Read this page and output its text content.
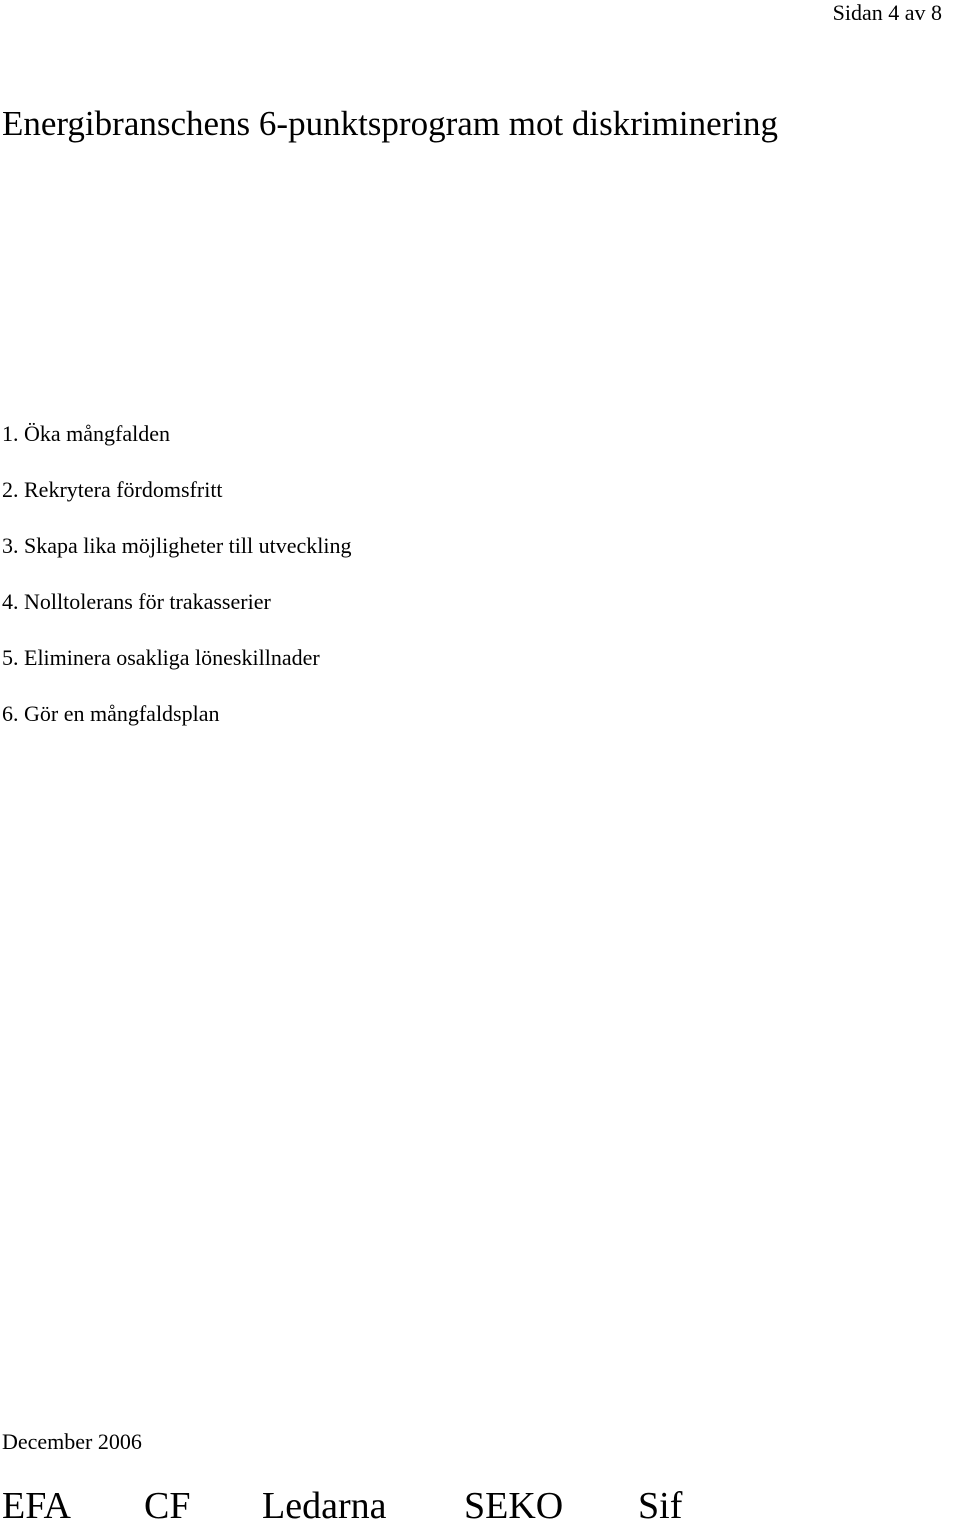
Sidan 4 av 8
Energibranschens 6-punktsprogram mot diskriminering
1. Öka mångfalden
2. Rekrytera fördomsfritt
3. Skapa lika möjligheter till utveckling
4. Nolltolerans för trakasserier
5. Eliminera osakliga löneskillnader
6. Gör en mångfaldsplan
December 2006
EFA CF Ledarna SEKO Sif
